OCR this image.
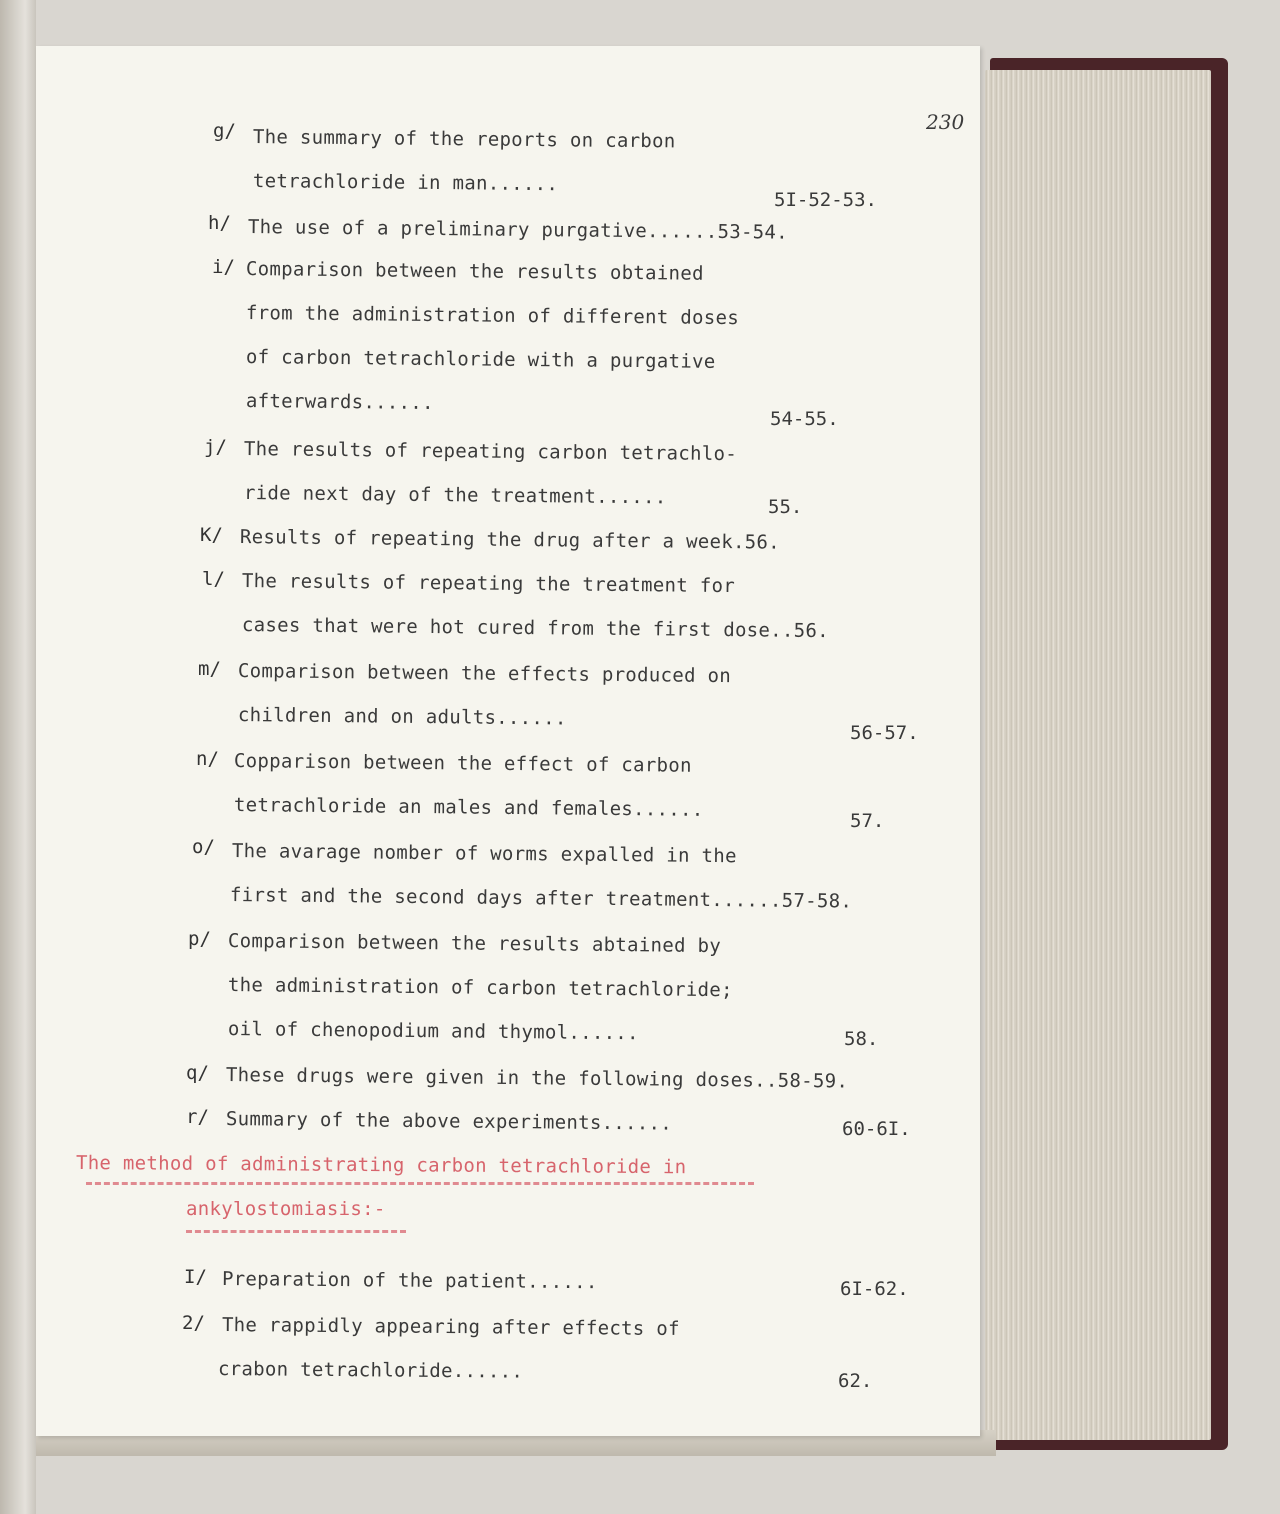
230
g/ The summary of the reports on carbon
tetrachloride in man......
5I-52-53.
h/ The use of a preliminary purgative......53-54.
i/ Comparison between the results obtained
from the administration of different doses
of carbon tetrachloride with a purgative
afterwards......
54-55.
j/ The results of repeating carbon tetrachlo-
ride next day of the treatment......	55.
K/ Results of repeating the drug after a week.56.
l/ The results of repeating the treatment for
cases that were hot cured from the first dose..56.
m/ Comparison between the effects produced on
children and on adults......
56-57.
n/ Copparison between the effect of carbon
tetrachloride an males and females......
57.
o/ The avarage nomber of worms expalled in the
first and the second days after treatment......57-58.
p/ Comparison between the results abtained by
the administration of carbon tetrachloride;
oil of chenopodium and thymol......	58.
q/ These drugs were given in the following doses..58-59.
r/ Summary of the above experiments......	60-6I.
The method of administrating carbon tetrachloride in
ankylostomiasis:-
I/ Preparation of the patient......	6I-62.
2/ The rappidly appearing after effects of
crabon tetrachloride......	62.
